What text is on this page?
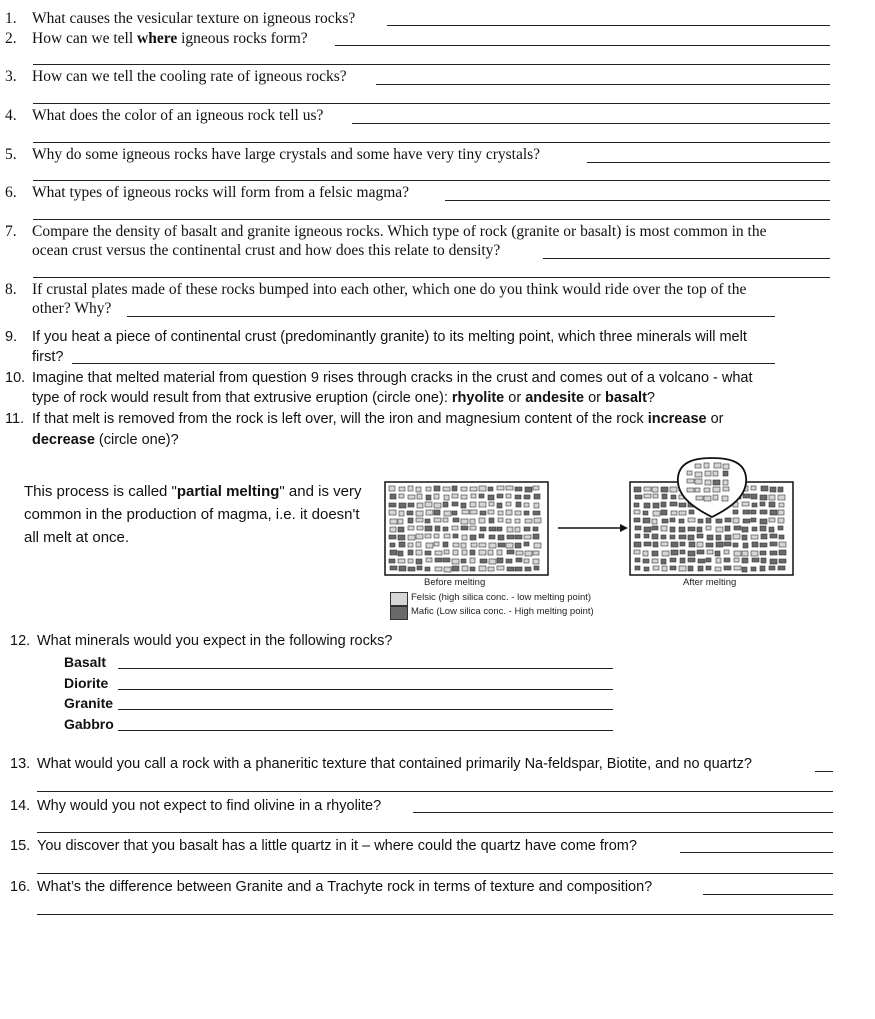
1. What causes the vesicular texture on igneous rocks?
2. How can we tell where igneous rocks form?
3. How can we tell the cooling rate of igneous rocks?
4. What does the color of an igneous rock tell us?
5. Why do some igneous rocks have large crystals and some have very tiny crystals?
6. What types of igneous rocks will form from a felsic magma?
7. Compare the density of basalt and granite igneous rocks. Which type of rock (granite or basalt) is most common in the
ocean crust versus the continental crust and how does this relate to density?
8. If crustal plates made of these rocks bumped into each other, which one do you think would ride over the top of the
other? Why?
9. If you heat a piece of continental crust (predominantly granite) to its melting point, which three minerals will melt
first?
10. Imagine that melted material from question 9 rises through cracks in the crust and comes out of a volcano - what
type of rock would result from that extrusive eruption (circle one): rhyolite or andesite or basalt?
11. If that melt is removed from the rock is left over, will the iron and magnesium content of the rock increase or
decrease (circle one)?
This process is called "partial melting" and is very
common in the production of magma, i.e. it doesn't
all melt at once.
Before melting	After melting
Felsic (high silica conc. - low melting point)
Mafic (Low silica conc. - High melting point)
12. What minerals would you expect in the following rocks?
Basalt
Diorite
Granite
Gabbro
13. What would you call a rock with a phaneritic texture that contained primarily Na-feldspar, Biotite, and no quartz?
14. Why would you not expect to find olivine in a rhyolite?
15. You discover that you basalt has a little quartz in it – where could the quartz have come from?
16. What’s the difference between Granite and a Trachyte rock in terms of texture and composition?
